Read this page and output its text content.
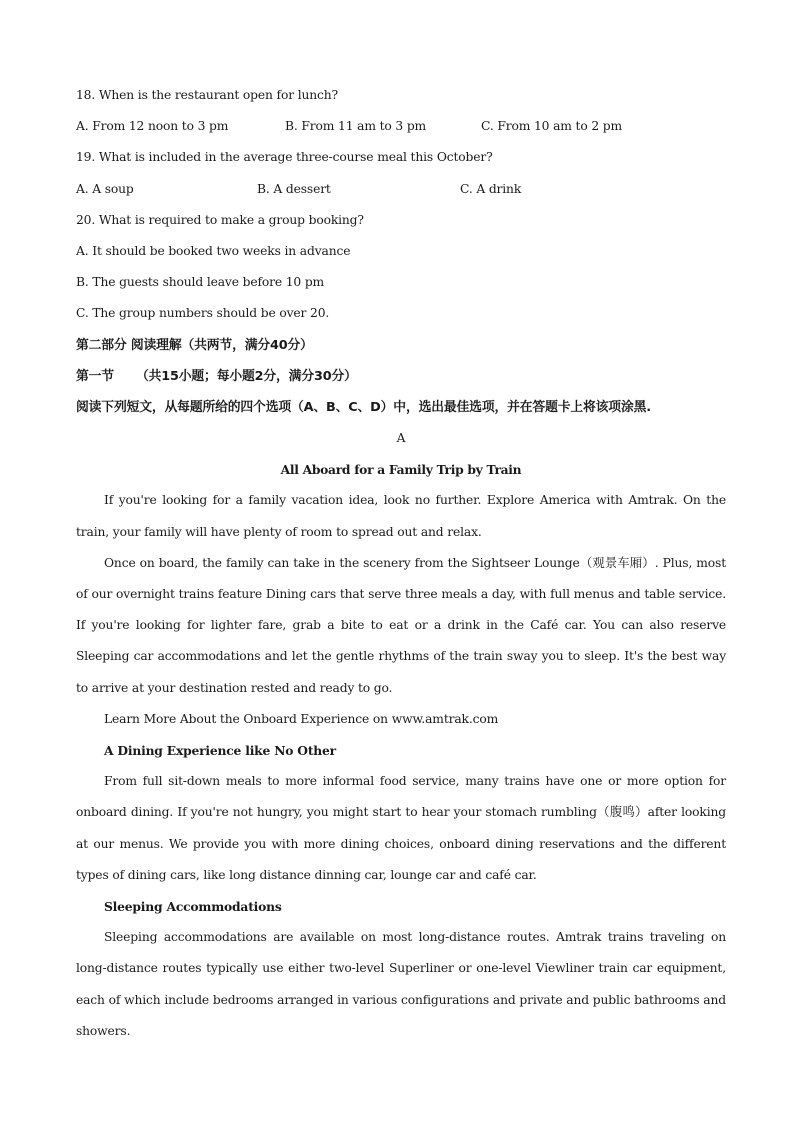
18. When is the restaurant open for lunch?
A. From 12 noon to 3 pm	B. From 11 am to 3 pm	C. From 10 am to 2 pm
19. What is included in the average three-course meal this October?
A. A soup	B. A dessert	C. A drink
20. What is required to make a group booking?
A. It should be booked two weeks in advance
B. The guests should leave before 10 pm
C. The group numbers should be over 20.
第二部分 阅读理解（共两节，满分40分）
第一节 （共15小题；每小题2分，满分30分）
阅读下列短文，从每题所给的四个选项（A、B、C、D）中，选出最佳选项，并在答题卡上将该项涂黑.
A
All Aboard for a Family Trip by Train
If you're looking for a family vacation idea, look no further. Explore America with Amtrak. On the train, your family will have plenty of room to spread out and relax.
Once on board, the family can take in the scenery from the Sightseer Lounge（观景车厢）. Plus, most of our overnight trains feature Dining cars that serve three meals a day, with full menus and table service. If you're looking for lighter fare, grab a bite to eat or a drink in the Café car. You can also reserve Sleeping car accommodations and let the gentle rhythms of the train sway you to sleep. It's the best way to arrive at your destination rested and ready to go.
Learn More About the Onboard Experience on www.amtrak.com
A Dining Experience like No Other
From full sit-down meals to more informal food service, many trains have one or more option for onboard dining. If you're not hungry, you might start to hear your stomach rumbling（腹鸣）after looking at our menus. We provide you with more dining choices, onboard dining reservations and the different types of dining cars, like long distance dinning car, lounge car and café car.
Sleeping Accommodations
Sleeping accommodations are available on most long-distance routes. Amtrak trains traveling on long-distance routes typically use either two-level Superliner or one-level Viewliner train car equipment, each of which include bedrooms arranged in various configurations and private and public bathrooms and showers.
